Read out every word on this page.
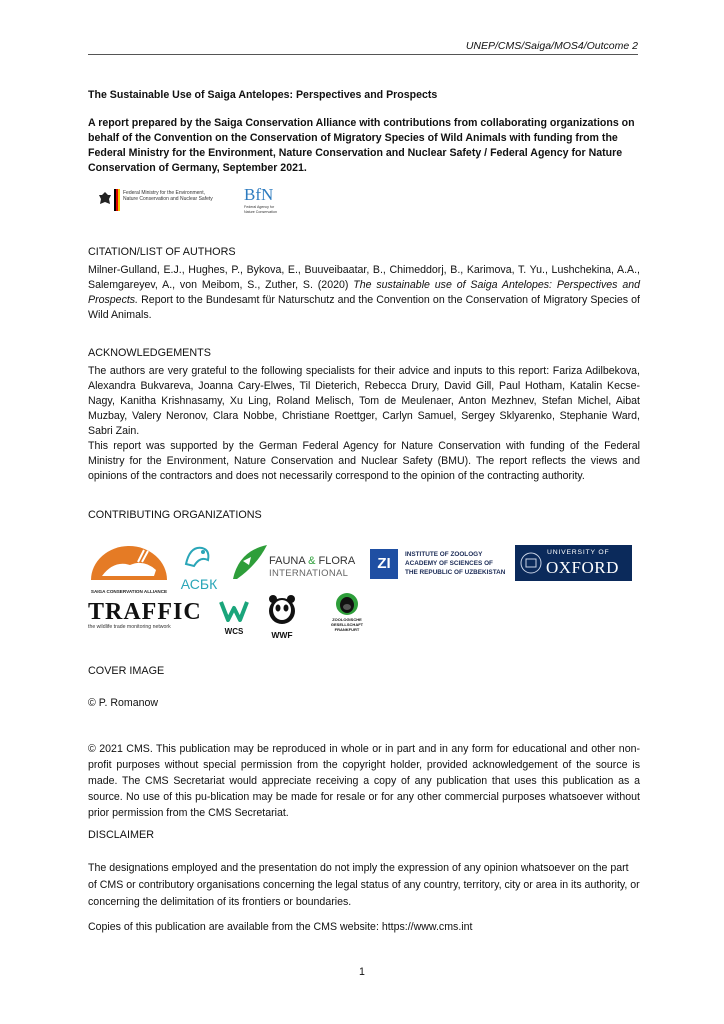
UNEP/CMS/Saiga/MOS4/Outcome 2
The Sustainable Use of Saiga Antelopes: Perspectives and Prospects
A report prepared by the Saiga Conservation Alliance with contributions from collaborating organizations on behalf of the Convention on the Conservation of Migratory Species of Wild Animals with funding from the Federal Ministry for the Environment, Nature Conservation and Nuclear Safety / Federal Agency for Nature Conservation of Germany, September 2021.
Federal Ministry for the Environment, Nature Conservation and Nuclear Safety BfN
Federal Agency for Nature Conservation
CITATION/LIST OF AUTHORS
Milner-Gulland, E.J., Hughes, P., Bykova, E., Buuveibaatar, B., Chimeddorj, B., Karimova, T. Yu., Lushchekina, A.A., Salemgareyev, A., von Meibom, S., Zuther, S. (2020) The sustainable use of Saiga Antelopes: Perspectives and Prospects. Report to the Bundesamt für Naturschutz and the Convention on the Conservation of Migratory Species of Wild Animals.
ACKNOWLEDGEMENTS
The authors are very grateful to the following specialists for their advice and inputs to this report: Fariza Adilbekova, Alexandra Bukvareva, Joanna Cary-Elwes, Til Dieterich, Rebecca Drury, David Gill, Paul Hotham, Katalin Kecse-Nagy, Kanitha Krishnasamy, Xu Ling, Roland Melisch, Tom de Meulenaer, Anton Mezhnev, Stefan Michel, Aibat Muzbay, Valery Neronov, Clara Nobbe, Christiane Roettger, Carlyn Samuel, Sergey Sklyarenko, Stephanie Ward, Sabri Zain.
This report was supported by the German Federal Agency for Nature Conservation with funding of the Federal Ministry for the Environment, Nature Conservation and Nuclear Safety (BMU). The report reflects the views and opinions of the contractors and does not necessarily correspond to the opinion of the contracting authority.
CONTRIBUTING ORGANIZATIONS
SAIGA CONSERVATION ALLIANCE АСБК
FAUNA & FLORA
INTERNATIONAL
ZI
INSTITUTE OF ZOOLOGY
ACADEMY OF SCIENCES OF
THE REPUBLIC OF UZBEKISTAN
UNIVERSITY OF
OXFORD
TRAFFIC
the wildlife trade monitoring network	WCS	WWF
ZOOLOGISCHE
GESELLSCHAFT
FRANKFURT
COVER IMAGE
© P. Romanow
© 2021 CMS. This publication may be reproduced in whole or in part and in any form for educational and other non-profit purposes without special permission from the copyright holder, provided acknowledgement of the source is made. The CMS Secretariat would appreciate receiving a copy of any publication that uses this publication as a source. No use of this pu-blication may be made for resale or for any other commercial purposes whatsoever without prior permission from the CMS Secretariat.
DISCLAIMER
The designations employed and the presentation do not imply the expression of any opinion whatsoever on the part of CMS or contributory organisations concerning the legal status of any country, territory, city or area in its authority, or concerning the delimitation of its frontiers or boundaries.
Copies of this publication are available from the CMS website: https://www.cms.int
1
